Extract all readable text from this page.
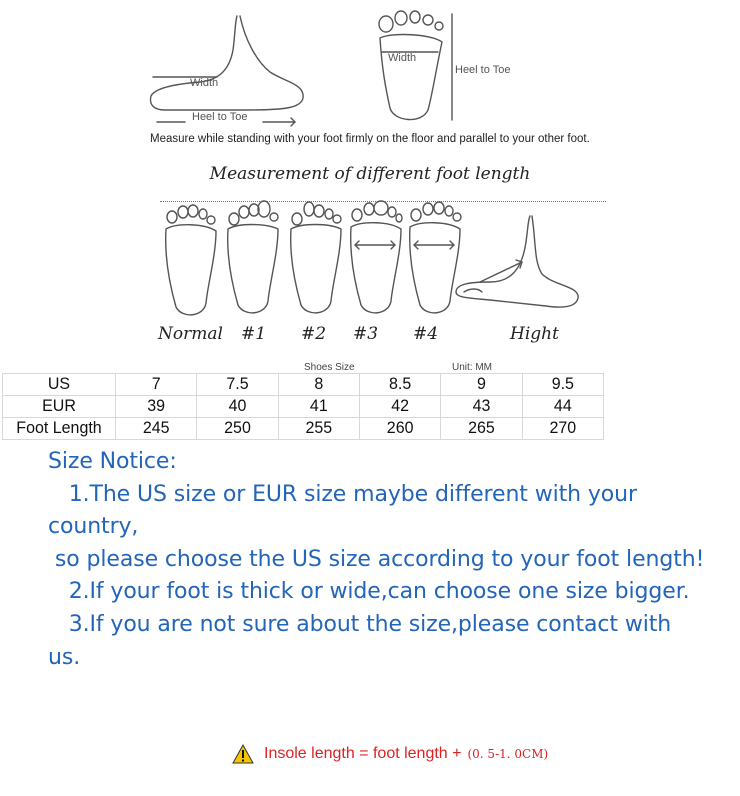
Width
Heel to Toe
Width
Heel to Toe
Measure while standing with your foot firmly on the floor and parallel to your other foot.
Measurement of different foot length
Normal #1 #2 #3 #4	Hight
Shoes Size	Unit: MM
US	7	7.5	8	8.5	9	9.5
EUR	39	40	41	42	43	44
Foot Length	245	250	255	260	265	270

Size Notice:

1.The US size or EUR size maybe different with your country,

so please choose the US size according to your foot length!

2.If your foot is thick or wide,can choose one size bigger.

3.If you are not sure about the size,please contact with us.

Insole length = foot length + (0. 5-1. 0CM)
